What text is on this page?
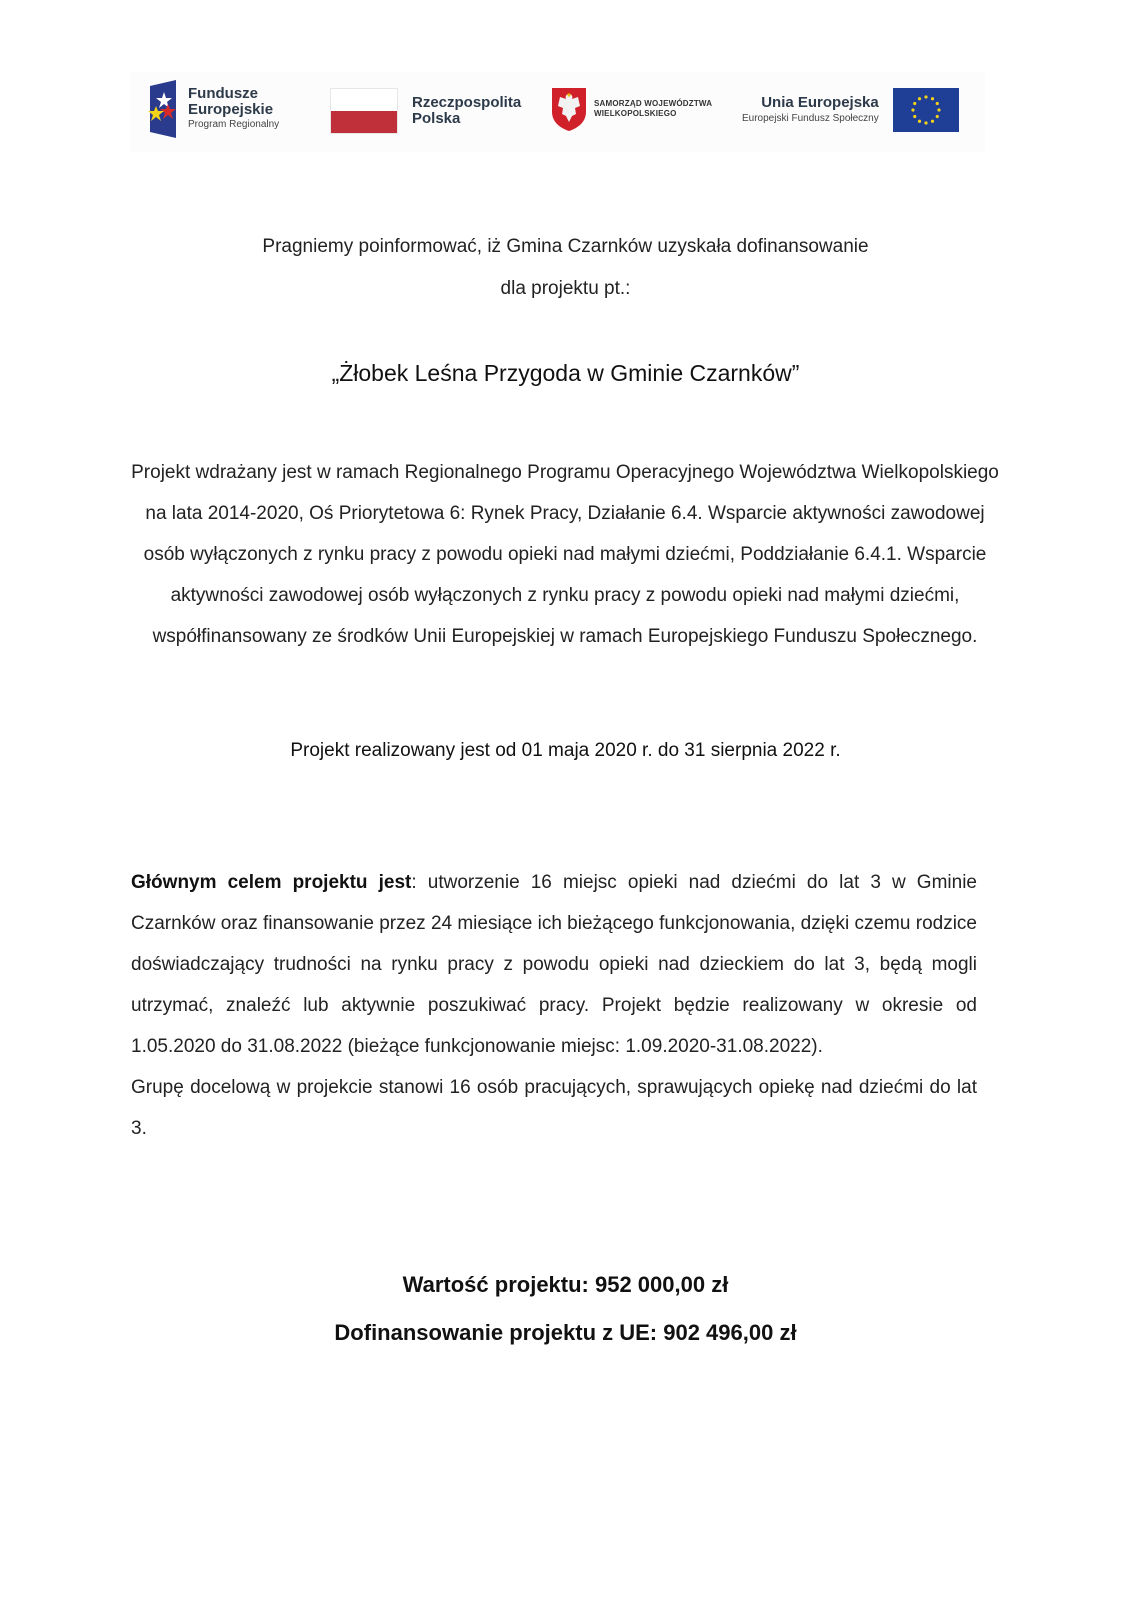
Fundusze
Europejskie
Program Regionalny
Rzeczpospolita
Polska
SAMORZĄD WOJEWÓDZTWA
WIELKOPOLSKIEGO
Unia Europejska
Europejski Fundusz Społeczny
Pragniemy poinformować, iż Gmina Czarnków uzyskała dofinansowanie
dla projektu pt.:
„Żłobek Leśna Przygoda w Gminie Czarnków”
Projekt wdrażany jest w ramach Regionalnego Programu Operacyjnego Województwa Wielkopolskiego na lata 2014-2020, Oś Priorytetowa 6: Rynek Pracy, Działanie 6.4. Wsparcie aktywności zawodowej osób wyłączonych z rynku pracy z powodu opieki nad małymi dziećmi, Poddziałanie 6.4.1. Wsparcie aktywności zawodowej osób wyłączonych z rynku pracy z powodu opieki nad małymi dziećmi, współfinansowany ze środków Unii Europejskiej w ramach Europejskiego Funduszu Społecznego.
Projekt realizowany jest od 01 maja 2020 r. do 31 sierpnia 2022 r.
Głównym celem projektu jest: utworzenie 16 miejsc opieki nad dziećmi do lat 3 w Gminie Czarnków oraz finansowanie przez 24 miesiące ich bieżącego funkcjonowania, dzięki czemu rodzice doświadczający trudności na rynku pracy z powodu opieki nad dzieckiem do lat 3, będą mogli utrzymać, znaleźć lub aktywnie poszukiwać pracy. Projekt będzie realizowany w okresie od 1.05.2020 do 31.08.2022 (bieżące funkcjonowanie miejsc: 1.09.2020-31.08.2022).
Grupę docelową w projekcie stanowi 16 osób pracujących, sprawujących opiekę nad dziećmi do lat 3.
Wartość projektu: 952 000,00 zł
Dofinansowanie projektu z UE: 902 496,00 zł
